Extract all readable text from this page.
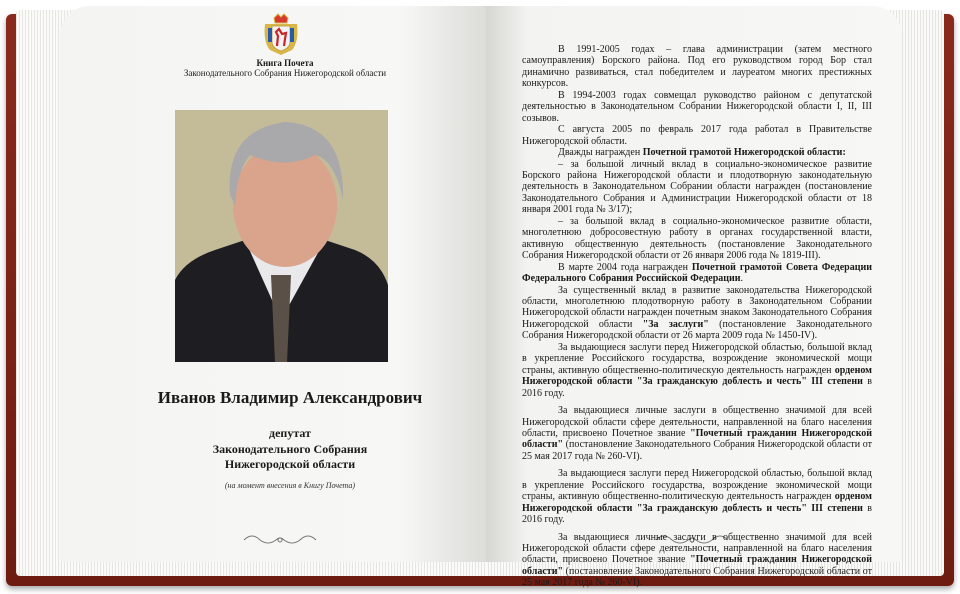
Книга Почета
Законодательного Собрания Нижегородской области
Иванов Владимир Александрович
депутат
Законодательного Собрания
Нижегородской области
(на момент внесения в Книгу Почета)

В 1991-2005 годах – глава администрации (затем местного самоуправления) Борского района. Под его руководством город Бор стал динамично развиваться, стал победителем и лауреатом многих престижных конкурсов.

В 1994-2003 годах совмещал руководство районом с депутатской деятельностью в Законодательном Собрании Нижегородской области I, II, III созывов.

С августа 2005 по февраль 2017 года работал в Правительстве Нижегородской области.

Дважды награжден Почетной грамотой Нижегородской области:

– за большой личный вклад в социально-экономическое развитие Борского района Нижегородской области и плодотворную законодательную деятельность в Законодательном Собрании области награжден (постановление Законодательного Собрания и Администрации Нижегородской области от 18 января 2001 года № 3/17);

– за большой вклад в социально-экономическое развитие области, многолетнюю добросовестную работу в органах государственной власти, активную общественную деятельность (постановление Законодательного Собрания Нижегородской области от 26 января 2006 года № 1819-III).

В марте 2004 года награжден Почетной грамотой Совета Федерации Федерального Собрания Российской Федерации.

За существенный вклад в развитие законодательства Нижегородской области, многолетнюю плодотворную работу в Законодательном Собрании Нижегородской области награжден почетным знаком Законодательного Собрания Нижегородской области "За заслуги" (постановление Законодательного Собрания Нижегородской области от 26 марта 2009 года № 1450-IV).

За выдающиеся заслуги перед Нижегородской областью, большой вклад в укрепление Российского государства, возрождение экономической мощи страны, активную общественно-политическую деятельность награжден орденом Нижегородской области "За гражданскую доблесть и честь" III степени в 2016 году.

За выдающиеся личные заслуги в общественно значимой для всей Нижегородской области сфере деятельности, направленной на благо населения области, присвоено Почетное звание "Почетный гражданин Нижегородской области" (постановление Законодательного Собрания Нижегородской области от 25 мая 2017 года № 260-VI).

За выдающиеся заслуги перед Нижегородской областью, большой вклад в укрепление Российского государства, возрождение экономической мощи страны, активную общественно-политическую деятельность награжден орденом Нижегородской области "За гражданскую доблесть и честь" III степени в 2016 году.

За выдающиеся личные заслуги в общественно значимой для всей Нижегородской области сфере деятельности, направленной на благо населения области, присвоено Почетное звание "Почетный гражданин Нижегородской области" (постановление Законодательного Собрания Нижегородской области от 25 мая 2017 года № 260-VI).
